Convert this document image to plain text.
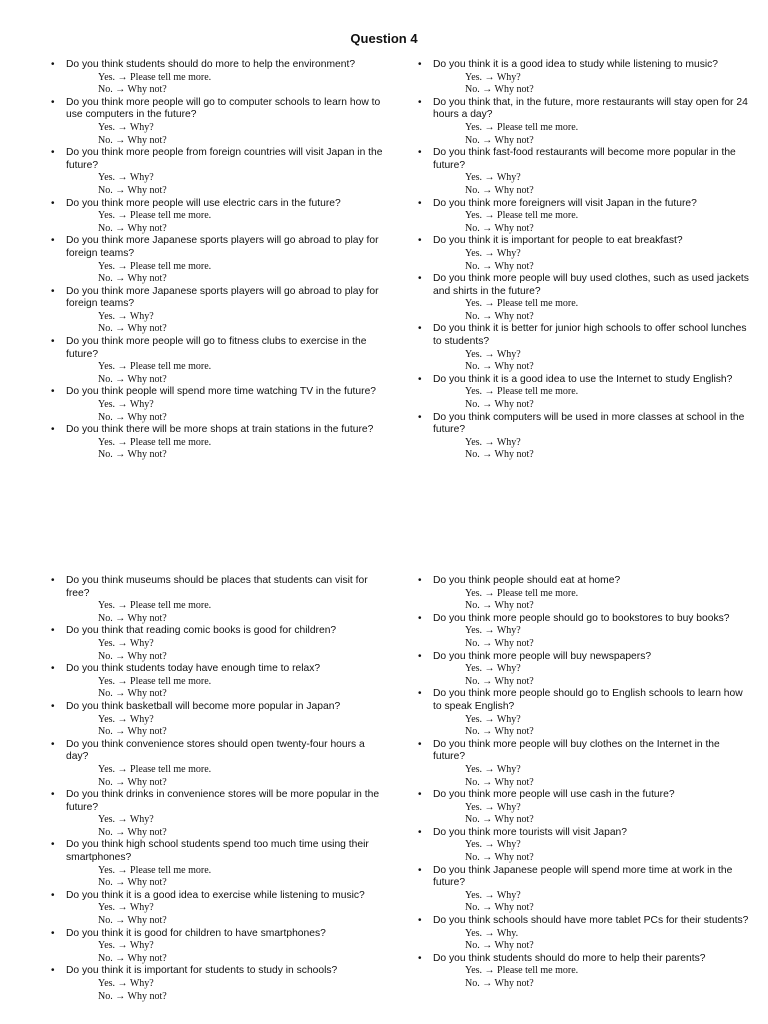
Question 4
• Do you think students should do more to help the environment?
Yes. → Please tell me more.
No. → Why not?
• Do you think more people will go to computer schools to learn how to use computers in the future?
Yes. → Why?
No. → Why not?
• Do you think more people from foreign countries will visit Japan in the future?
Yes. → Why?
No. → Why not?
• Do you think more people will use electric cars in the future?
Yes. → Please tell me more.
No. → Why not?
• Do you think more Japanese sports players will go abroad to play for foreign teams?
Yes. → Please tell me more.
No. → Why not?
• Do you think more Japanese sports players will go abroad to play for foreign teams?
Yes. → Why?
No. → Why not?
• Do you think more people will go to fitness clubs to exercise in the future?
Yes. → Please tell me more.
No. → Why not?
• Do you think people will spend more time watching TV in the future?
Yes. → Why?
No. → Why not?
• Do you think there will be more shops at train stations in the future?
Yes. → Please tell me more.
No. → Why not?
• Do you think it is a good idea to study while listening to music?
Yes. → Why?
No. → Why not?
• Do you think that, in the future, more restaurants will stay open for 24 hours a day?
Yes. → Please tell me more.
No. → Why not?
• Do you think fast-food restaurants will become more popular in the future?
Yes. → Why?
No. → Why not?
• Do you think more foreigners will visit Japan in the future?
Yes. → Please tell me more.
No. → Why not?
• Do you think it is important for people to eat breakfast?
Yes. → Why?
No. → Why not?
• Do you think more people will buy used clothes, such as used jackets and shirts in the future?
Yes. → Please tell me more.
No. → Why not?
• Do you think it is better for junior high schools to offer school lunches to students?
Yes. → Why?
No. → Why not?
• Do you think it is a good idea to use the Internet to study English?
Yes. → Please tell me more.
No. → Why not?
• Do you think computers will be used in more classes at school in the future?
Yes. → Why?
No. → Why not?
• Do you think museums should be places that students can visit for free?
Yes. → Please tell me more.
No. → Why not?
• Do you think that reading comic books is good for children?
Yes. → Why?
No. → Why not?
• Do you think students today have enough time to relax?
Yes. → Please tell me more.
No. → Why not?
• Do you think basketball will become more popular in Japan?
Yes. → Why?
No. → Why not?
• Do you think convenience stores should open twenty-four hours a day?
Yes. → Please tell me more.
No. → Why not?
• Do you think drinks in convenience stores will be more popular in the future?
Yes. → Why?
No. → Why not?
• Do you think high school students spend too much time using their smartphones?
Yes. → Please tell me more.
No. → Why not?
• Do you think it is a good idea to exercise while listening to music?
Yes. → Why?
No. → Why not?
• Do you think it is good for children to have smartphones?
Yes. → Why?
No. → Why not?
• Do you think it is important for students to study in schools?
Yes. → Why?
No. → Why not?
• Do you think people should eat at home?
Yes. → Please tell me more.
No. → Why not?
• Do you think more people should go to bookstores to buy books?
Yes. → Why?
No. → Why not?
• Do you think more people will buy newspapers?
Yes. → Why?
No. → Why not?
• Do you think more people should go to English schools to learn how to speak English?
Yes. → Why?
No. → Why not?
• Do you think more people will buy clothes on the Internet in the future?
Yes. → Why?
No. → Why not?
• Do you think more people will use cash in the future?
Yes. → Why?
No. → Why not?
• Do you think more tourists will visit Japan?
Yes. → Why?
No. → Why not?
• Do you think Japanese people will spend more time at work in the future?
Yes. → Why?
No. → Why not?
• Do you think schools should have more tablet PCs for their students?
Yes. → Why.
No. → Why not?
• Do you think students should do more to help their parents?
Yes. → Please tell me more.
No. → Why not?
